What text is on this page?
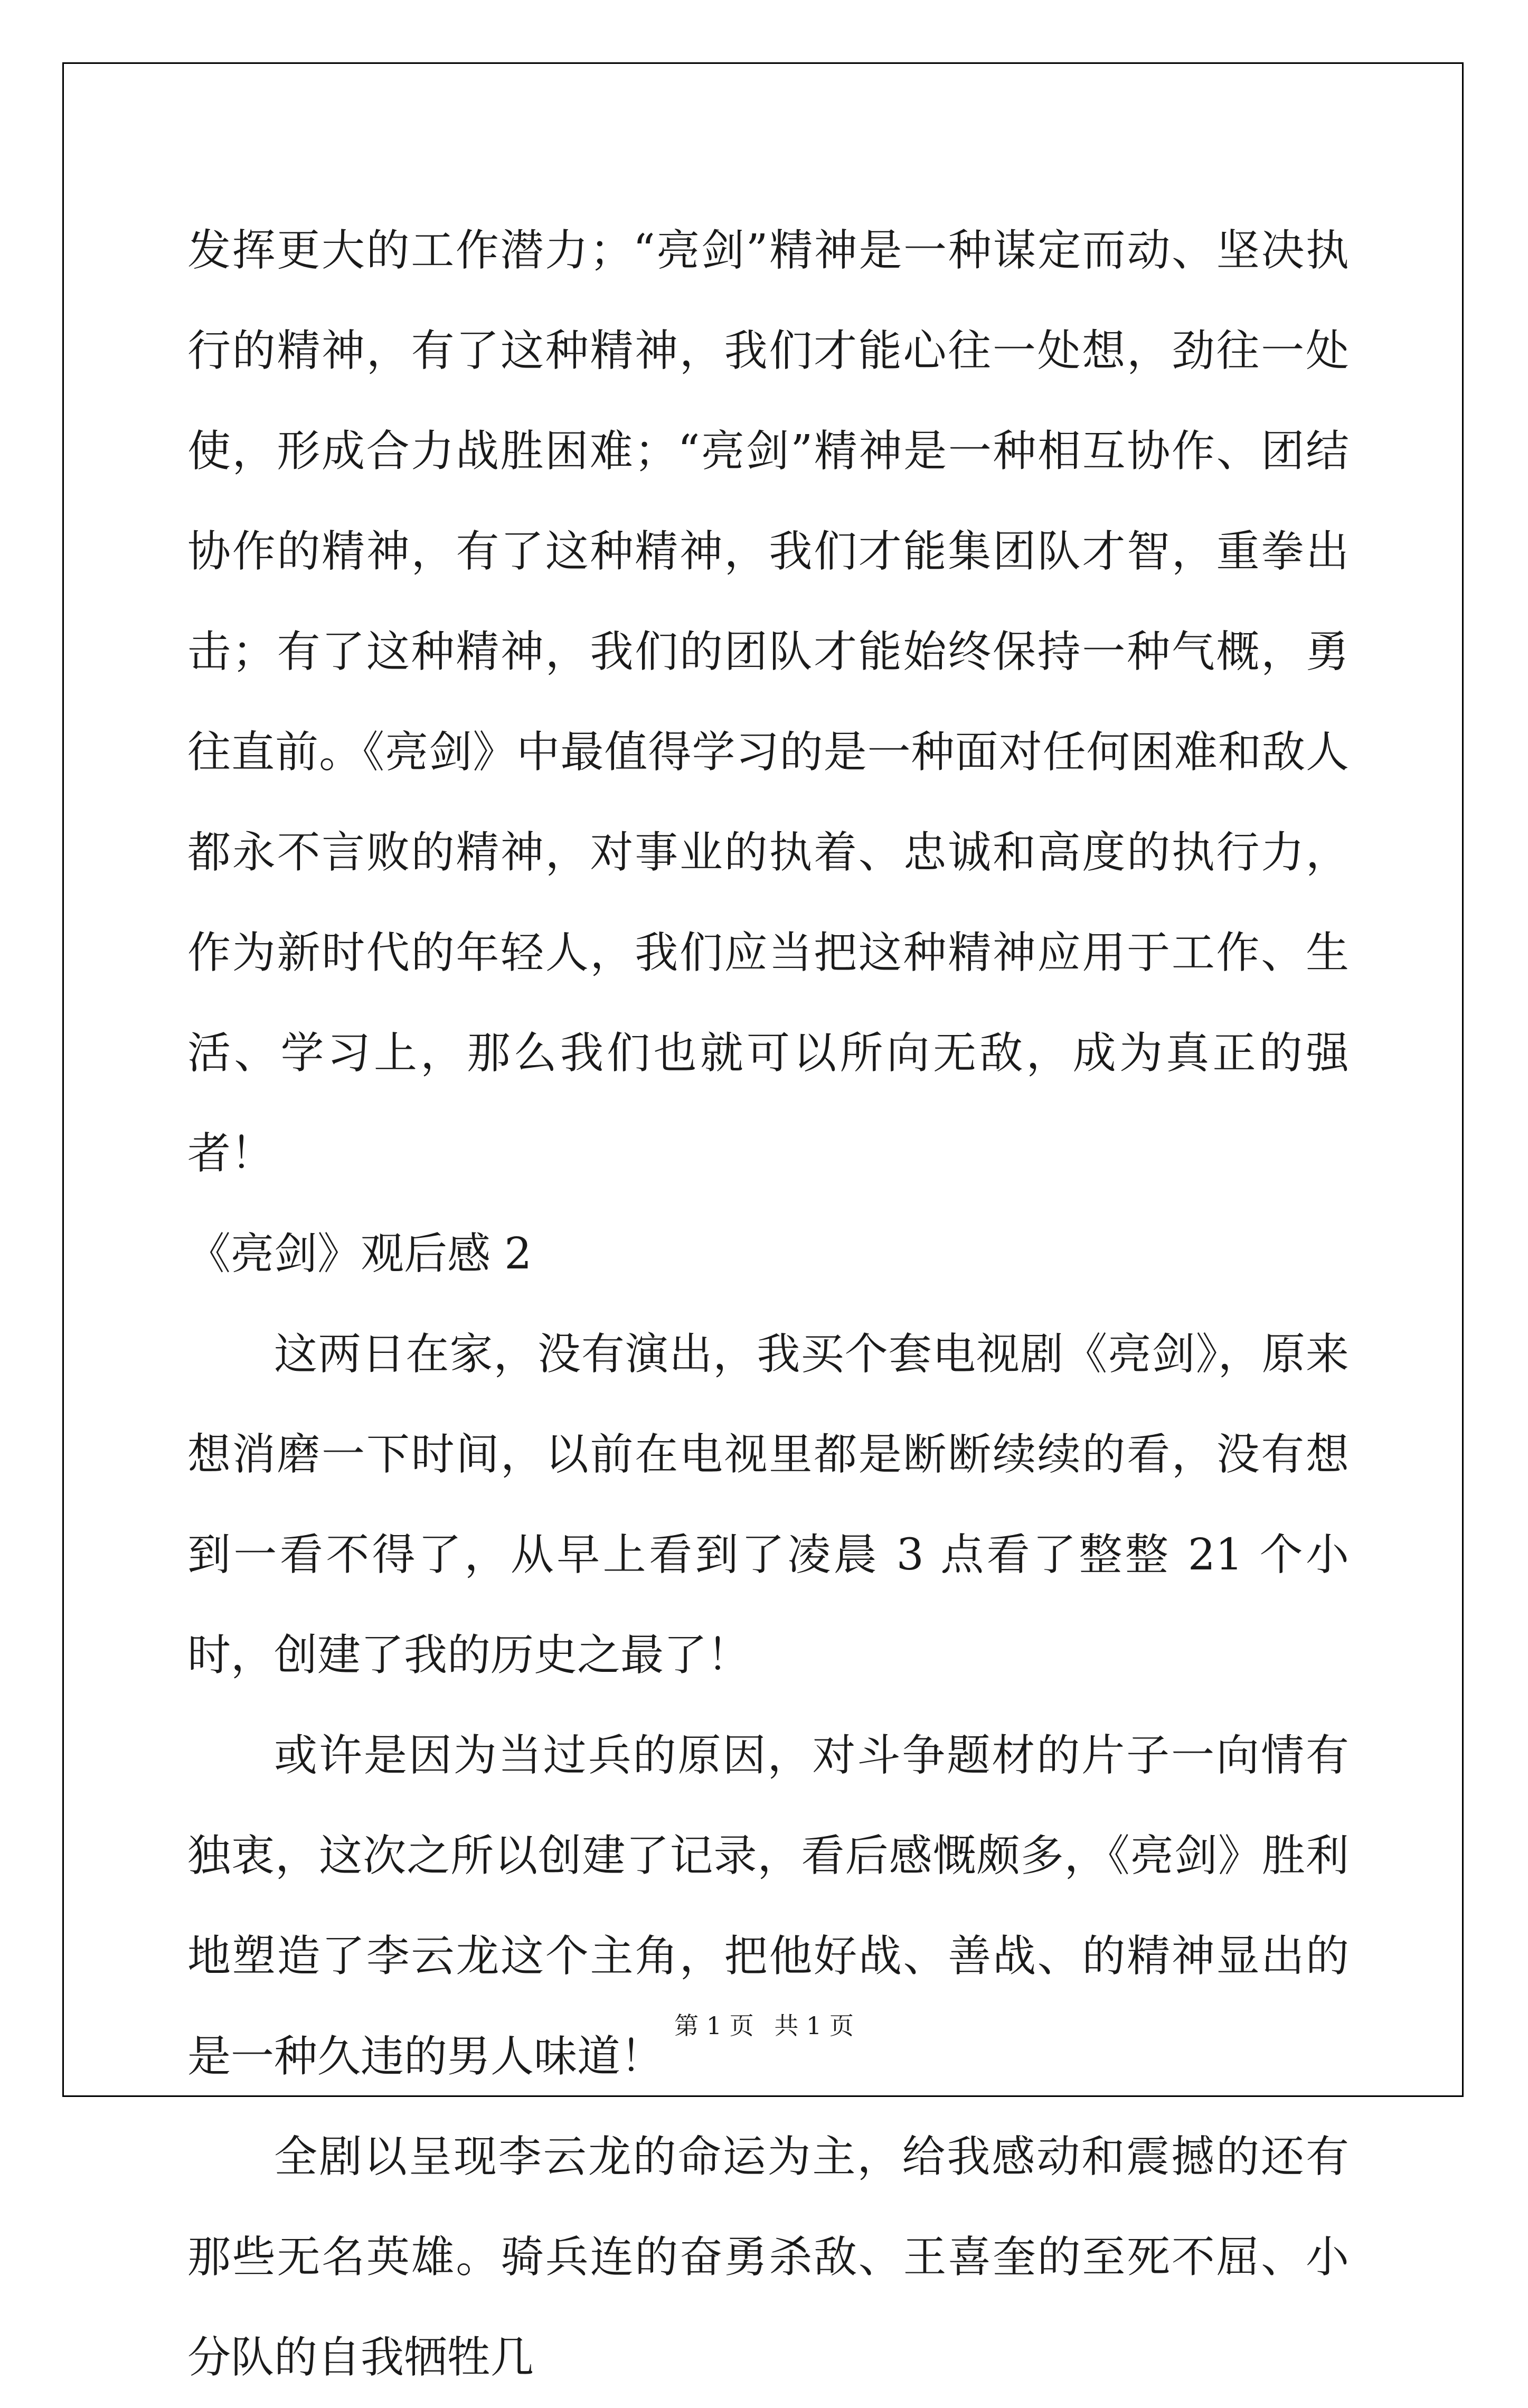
发挥更大的工作潜力；“亮剑”精神是一种谋定而动、坚决执行的精神，有了这种精神，我们才能心往一处想，劲往一处使，形成合力战胜困难；“亮剑”精神是一种相互协作、团结协作的精神，有了这种精神，我们才能集团队才智，重拳出击；有了这种精神，我们的团队才能始终保持一种气概，勇往直前。《亮剑》中最值得学习的是一种面对任何困难和敌人都永不言败的精神，对事业的执着、忠诚和高度的执行力，作为新时代的年轻人，我们应当把这种精神应用于工作、生活、学习上，那么我们也就可以所向无敌，成为真正的强者！

《亮剑》观后感 2

这两日在家，没有演出，我买个套电视剧《亮剑》，原来想消磨一下时间，以前在电视里都是断断续续的看，没有想到一看不得了，从早上看到了凌晨 3 点看了整整 21 个小时，创建了我的历史之最了！

或许是因为当过兵的原因，对斗争题材的片子一向情有独衷，这次之所以创建了记录，看后感慨颇多，《亮剑》胜利地塑造了李云龙这个主角，把他好战、善战、的精神显出的是一种久违的男人味道！

全剧以呈现李云龙的命运为主，给我感动和震撼的还有那些无名英雄。骑兵连的奋勇杀敌、王喜奎的至死不屈、小分队的自我牺牲几

第 1 页 共 1 页
